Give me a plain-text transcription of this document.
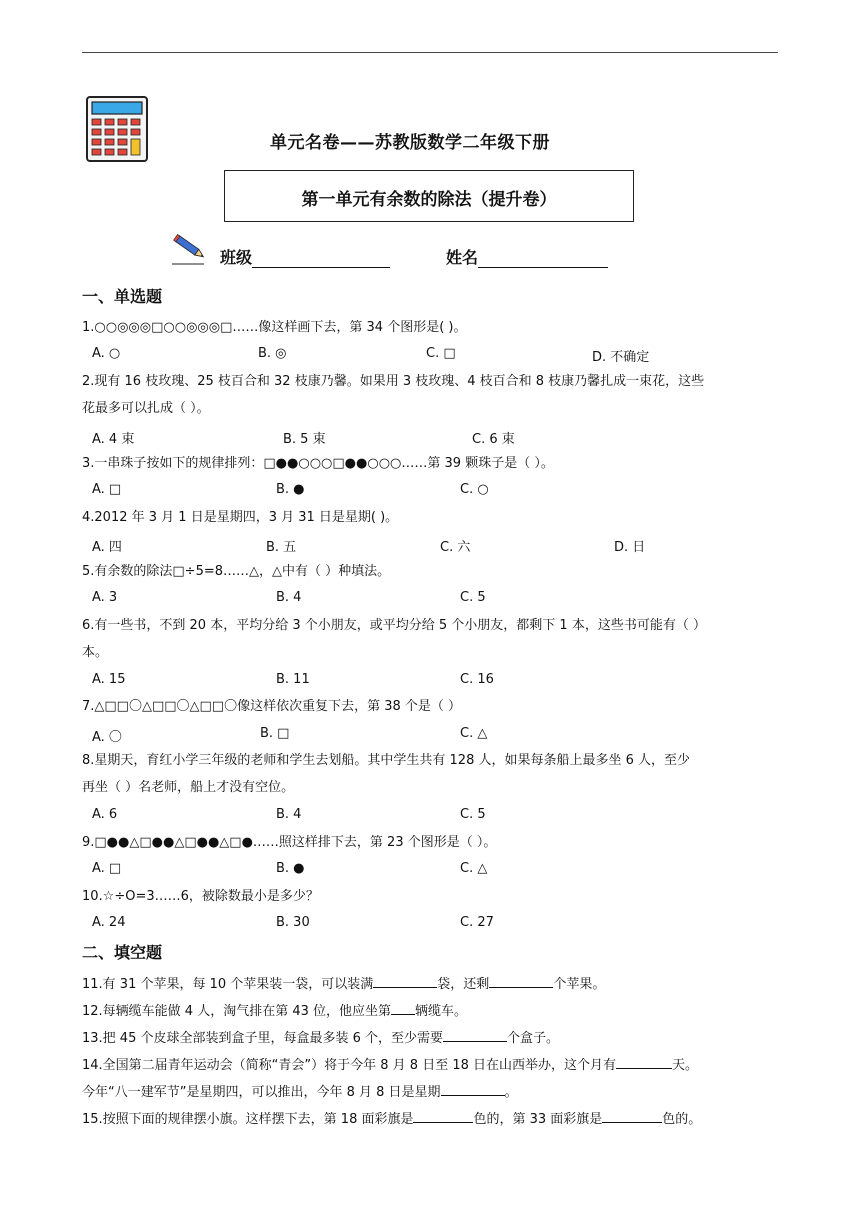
单元名卷——苏教版数学二年级下册
第一单元有余数的除法（提升卷）
班级	姓名
一、单选题
1.○○◎◎◎□○○◎◎◎□……像这样画下去，第 34 个图形是( )。
A. ○	B. ◎	C. □	D. 不确定
2.现有 16 枝玫瑰、25 枝百合和 32 枝康乃馨。如果用 3 枝玫瑰、4 枝百合和 8 枝康乃馨扎成一束花，这些
花最多可以扎成（ ）。
A. 4 束	B. 5 束	C. 6 束
3.一串珠子按如下的规律排列：□●●○○○□●●○○○……第 39 颗珠子是（ ）。
A. □	B. ●	C. ○
4.2012 年 3 月 1 日是星期四，3 月 31 日是星期( )。
A. 四	B. 五	C. 六	D. 日
5.有余数的除法□÷5=8……△，△中有（ ）种填法。
A. 3	B. 4	C. 5
6.有一些书，不到 20 本，平均分给 3 个小朋友，或平均分给 5 个小朋友，都剩下 1 本，这些书可能有（ ）
本。
A. 15	B. 11	C. 16
7.△□□〇△□□〇△□□〇像这样依次重复下去，第 38 个是（ ）
A. 〇	B. □	C. △
8.星期天，育红小学三年级的老师和学生去划船。其中学生共有 128 人，如果每条船上最多坐 6 人，至少
再坐（ ）名老师，船上才没有空位。
A. 6	B. 4	C. 5
9.□●●△□●●△□●●△□●……照这样排下去，第 23 个图形是（ ）。
A. □	B. ●	C. △
10.☆÷O=3……6，被除数最小是多少？
A. 24	B. 30	C. 27
二、填空题
11.有 31 个苹果，每 10 个苹果装一袋，可以装满	袋，还剩	个苹果。
12.每辆缆车能做 4 人，淘气排在第 43 位，他应坐第 辆缆车。
13.把 45 个皮球全部装到盒子里，每盒最多装 6 个，至少需要	个盒子。
14.全国第二届青年运动会（简称“青会”）将于今年 8 月 8 日至 18 日在山西举办，这个月有	天。
今年“八一建军节”是星期四，可以推出，今年 8 月 8 日是星期	。
15.按照下面的规律摆小旗。这样摆下去，第 18 面彩旗是	色的，第 33 面彩旗是	色的。
